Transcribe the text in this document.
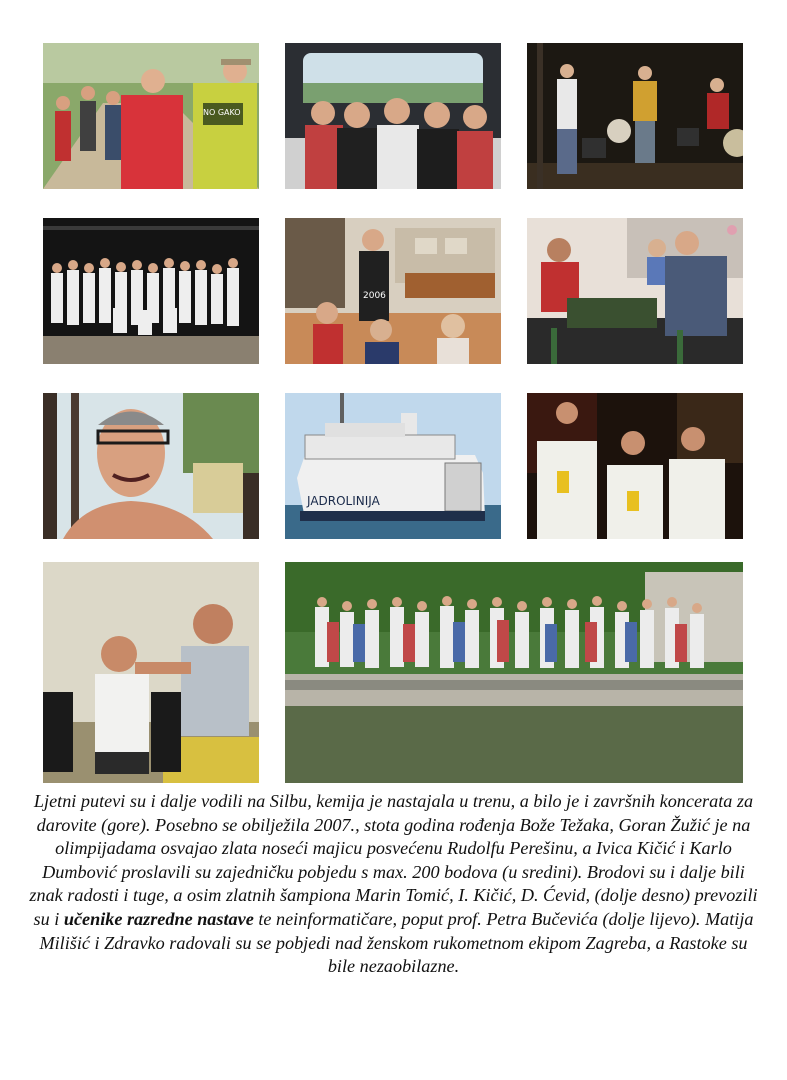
NO GAKO
2006
JADROLINIJA
Ljetni putevi su i dalje vodili na Silbu, kemija je nastajala u trenu, a bilo je i završnih koncerata za darovite (gore). Posebno se obilježila 2007., stota godina rođenja Bože Težaka, Goran Žužić je na olimpijadama osvajao zlata noseći majicu posvećenu Rudolfu Perešinu, a Ivica Kičić i Karlo Dumbović proslavili su zajedničku pobjedu s max. 200 bodova (u sredini). Brodovi su i dalje bili znak radosti i tuge, a osim zlatnih šampiona Marin Tomić, I. Kičić, D. Ćevid, (dolje desno) prevozili su i učenike razredne nastave te neinformatičare, poput prof. Petra Bučevića (dolje lijevo). Matija Milišić i Zdravko radovali su se pobjedi nad ženskom rukometnom ekipom Zagreba, a Rastoke su bile nezaobilazne.
